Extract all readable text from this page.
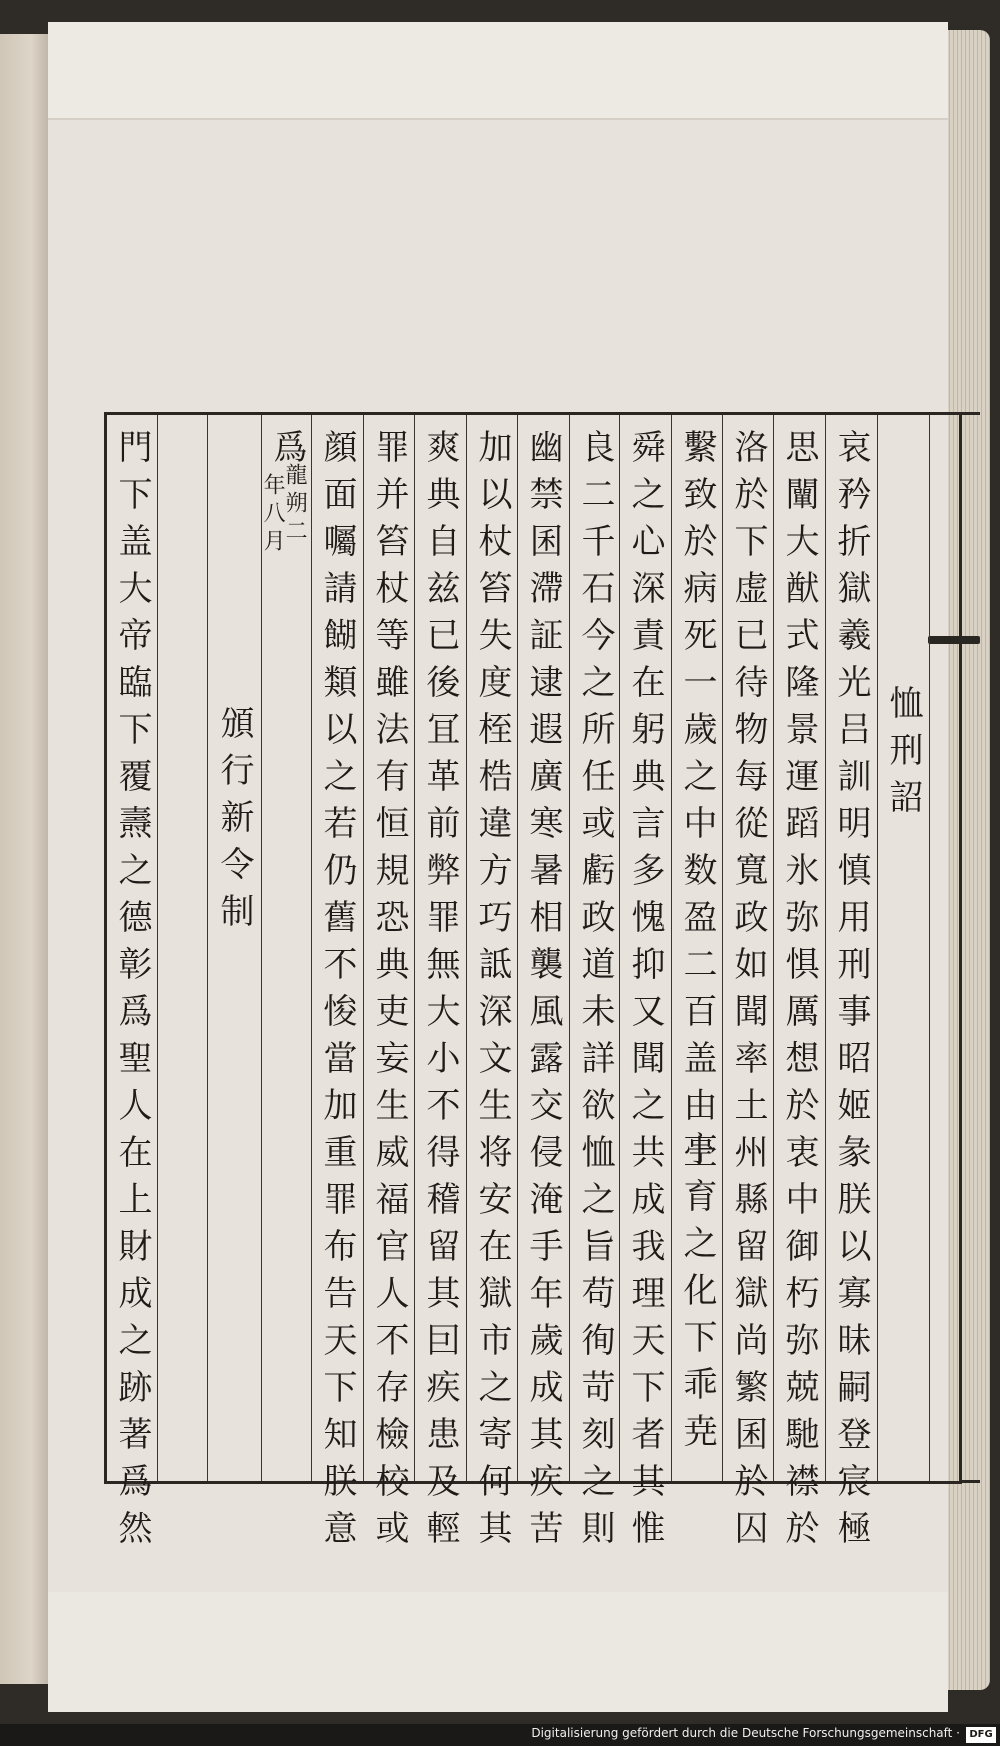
恤刑詔
哀矜折獄羲光吕訓明慎用刑事昭姬彖朕以寡昧嗣登宸極
思闡大猷式隆景運蹈氷弥惧厲想於衷中御朽弥兢馳襟於
洛於下虚已待物每從寬政如聞率土州縣留獄尚繁囷於囚
繫致於病死一歲之中数盈二百盖由上
亭育之化下乖尭
舜之心深責在躬典言多愧抑又聞之共成我理天下者其惟
良二千石今之所任或虧政道未詳欲恤之旨苟徇苛刻之則
幽禁囷滯証逮遐廣寒暑相襲風露交侵淹手年歲成其疾苦
加以杖笞失度桎梏違方巧詆深文生将安在獄市之寄何其
爽典自兹已後冝革前弊罪無大小不得稽留其囙疾患及輕
罪并笞杖等雖法有恒規恐典吏妄生威福官人不存檢校或
顔面囑請餬類以之若仍舊不悛當加重罪布告天下知朕意
爲
龍朔二
年八月
頒行新令制
門下盖大帝臨下覆燾之德彰爲聖人在上財成之跡著爲然
Digitalisierung gefördert durch die Deutsche Forschungsgemeinschaft · DFG
